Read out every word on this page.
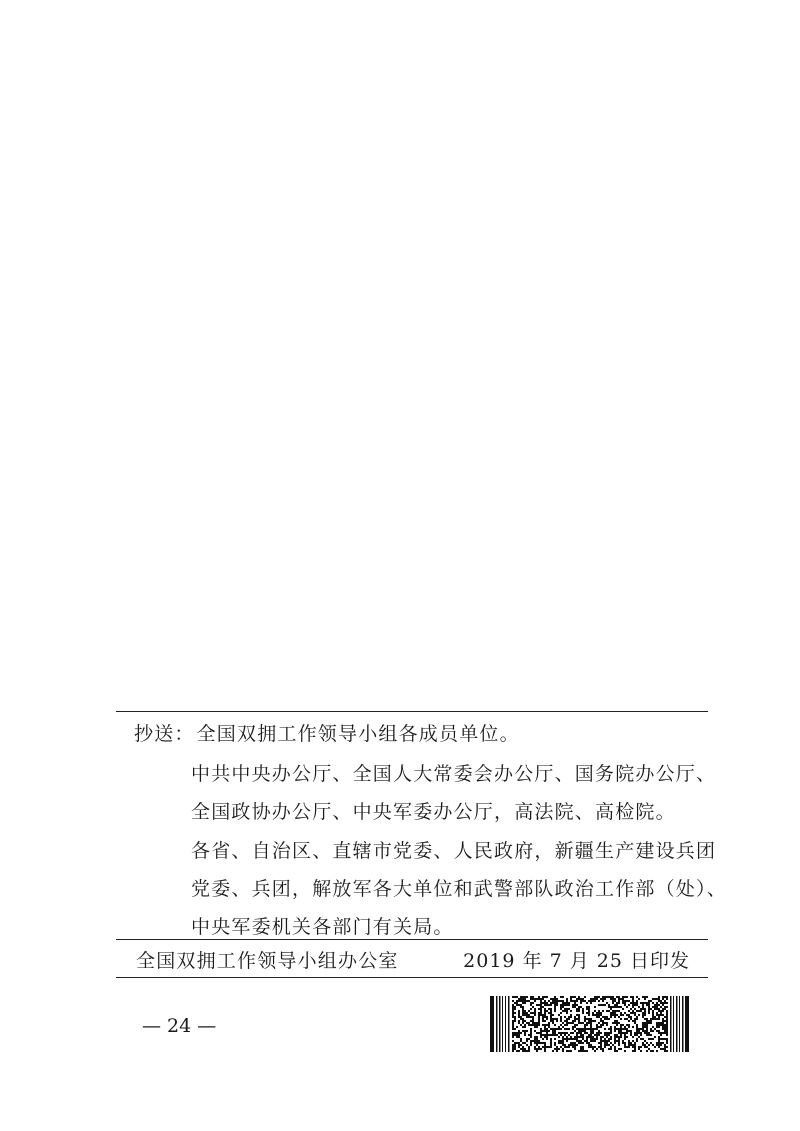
抄送： 全国双拥工作领导小组各成员单位。
中共中央办公厅、全国人大常委会办公厅、国务院办公厅、
全国政协办公厅、中央军委办公厅，高法院、高检院。
各省、自治区、直辖市党委、人民政府，新疆生产建设兵团
党委、兵团，解放军各大单位和武警部队政治工作部（处）、
中央军委机关各部门有关局。
全国双拥工作领导小组办公室	2019 年 7 月 25 日印发
— 24 —
